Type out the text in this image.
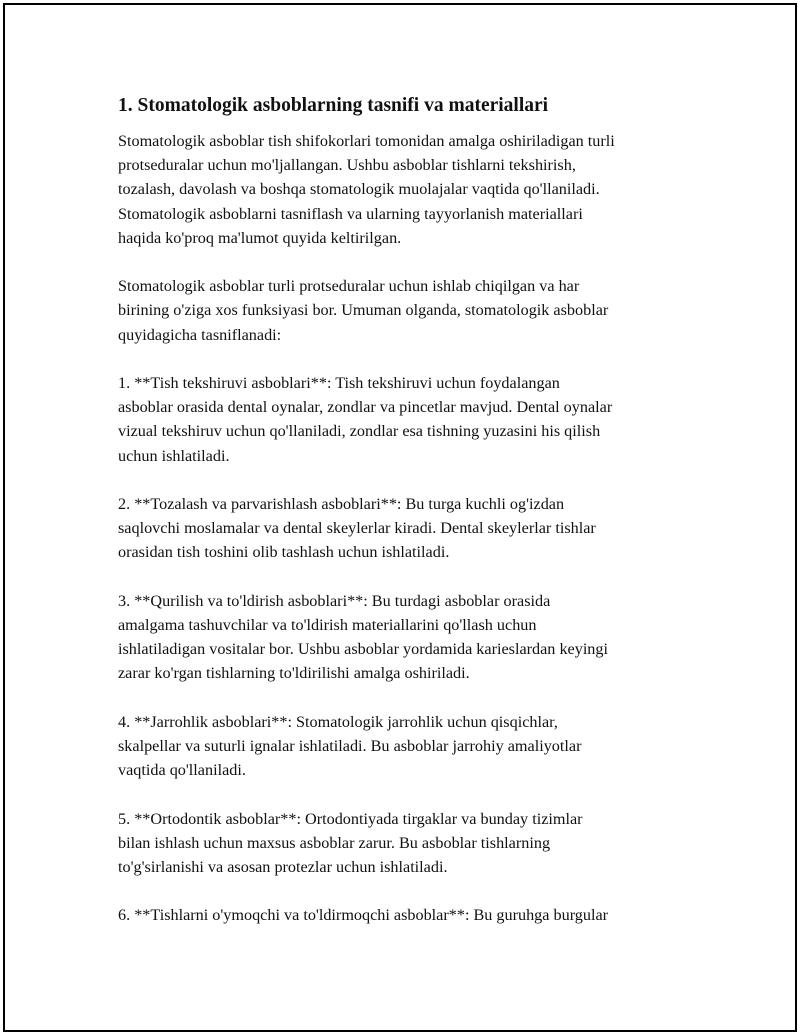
1. Stomatologik asboblarning tasnifi va materiallari

Stomatologik asboblar tish shifokorlari tomonidan amalga oshiriladigan turli
protseduralar uchun mo'ljallangan. Ushbu asboblar tishlarni tekshirish,
tozalash, davolash va boshqa stomatologik muolajalar vaqtida qo'llaniladi.
Stomatologik asboblarni tasniflash va ularning tayyorlanish materiallari
haqida ko'proq ma'lumot quyida keltirilgan.

Stomatologik asboblar turli protseduralar uchun ishlab chiqilgan va har
birining o'ziga xos funksiyasi bor. Umuman olganda, stomatologik asboblar
quyidagicha tasniflanadi:

1. **Tish tekshiruvi asboblari**: Tish tekshiruvi uchun foydalangan
asboblar orasida dental oynalar, zondlar va pincetlar mavjud. Dental oynalar
vizual tekshiruv uchun qo'llaniladi, zondlar esa tishning yuzasini his qilish
uchun ishlatiladi.

2. **Tozalash va parvarishlash asboblari**: Bu turga kuchli og'izdan
saqlovchi moslamalar va dental skeylerlar kiradi. Dental skeylerlar tishlar
orasidan tish toshini olib tashlash uchun ishlatiladi.

3. **Qurilish va to'ldirish asboblari**: Bu turdagi asboblar orasida
amalgama tashuvchilar va to'ldirish materiallarini qo'llash uchun
ishlatiladigan vositalar bor. Ushbu asboblar yordamida karieslardan keyingi
zarar ko'rgan tishlarning to'ldirilishi amalga oshiriladi.

4. **Jarrohlik asboblari**: Stomatologik jarrohlik uchun qisqichlar,
skalpellar va suturli ignalar ishlatiladi. Bu asboblar jarrohiy amaliyotlar
vaqtida qo'llaniladi.

5. **Ortodontik asboblar**: Ortodontiyada tirgaklar va bunday tizimlar
bilan ishlash uchun maxsus asboblar zarur. Bu asboblar tishlarning
to'g'sirlanishi va asosan protezlar uchun ishlatiladi.

6. **Tishlarni o'ymoqchi va to'ldirmoqchi asboblar**: Bu guruhga burgular
